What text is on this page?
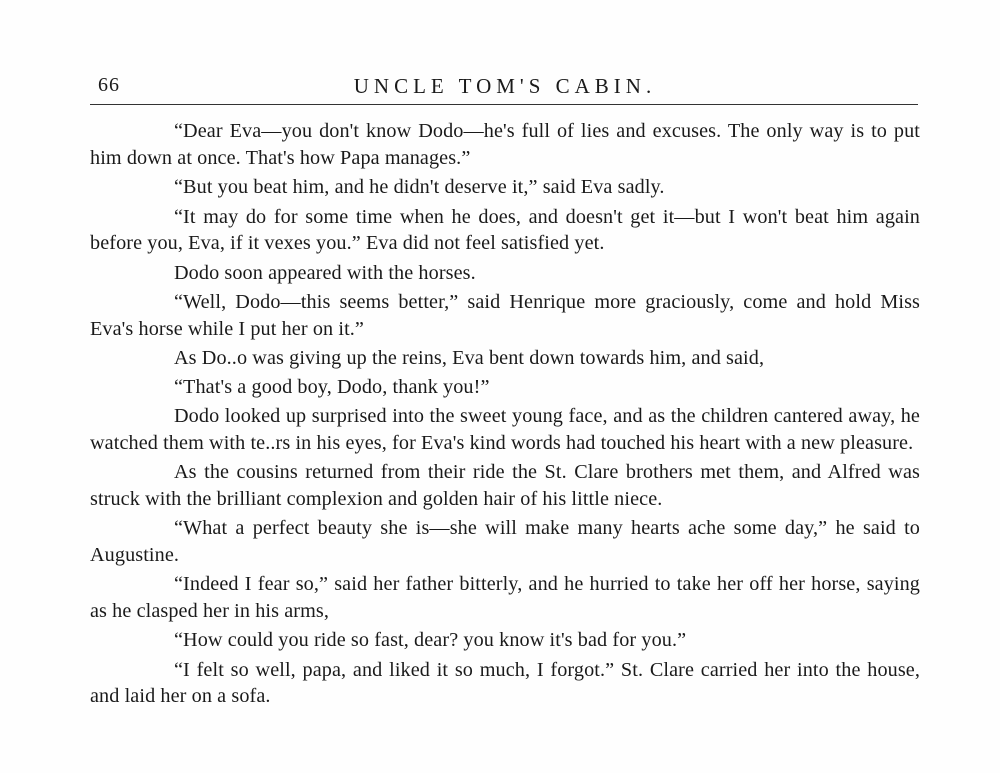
66	UNCLE TOM'S CABIN.

“Dear Eva—you don't know Dodo—he's full of lies and excuses. The only way is to put him down at once. That's how Papa manages.”

“But you beat him, and he didn't deserve it,” said Eva sadly.

“It may do for some time when he does, and doesn't get it—but I won't beat him again before you, Eva, if it vexes you.” Eva did not feel satisfied yet.

Dodo soon appeared with the horses.

“Well, Dodo—this seems better,” said Henrique more graciously, come and hold Miss Eva's horse while I put her on it.”

As Do..o was giving up the reins, Eva bent down towards him, and said,

“That's a good boy, Dodo, thank you!”

Dodo looked up surprised into the sweet young face, and as the children cantered away, he watched them with te..rs in his eyes, for Eva's kind words had touched his heart with a new pleasure.

As the cousins returned from their ride the St. Clare brothers met them, and Alfred was struck with the brilliant complexion and golden hair of his little niece.

“What a perfect beauty she is—she will make many hearts ache some day,” he said to Augustine.

“Indeed I fear so,” said her father bitterly, and he hurried to take her off her horse, saying as he clasped her in his arms,

“How could you ride so fast, dear? you know it's bad for you.”

“I felt so well, papa, and liked it so much, I forgot.” St. Clare carried her into the house, and laid her on a sofa.
